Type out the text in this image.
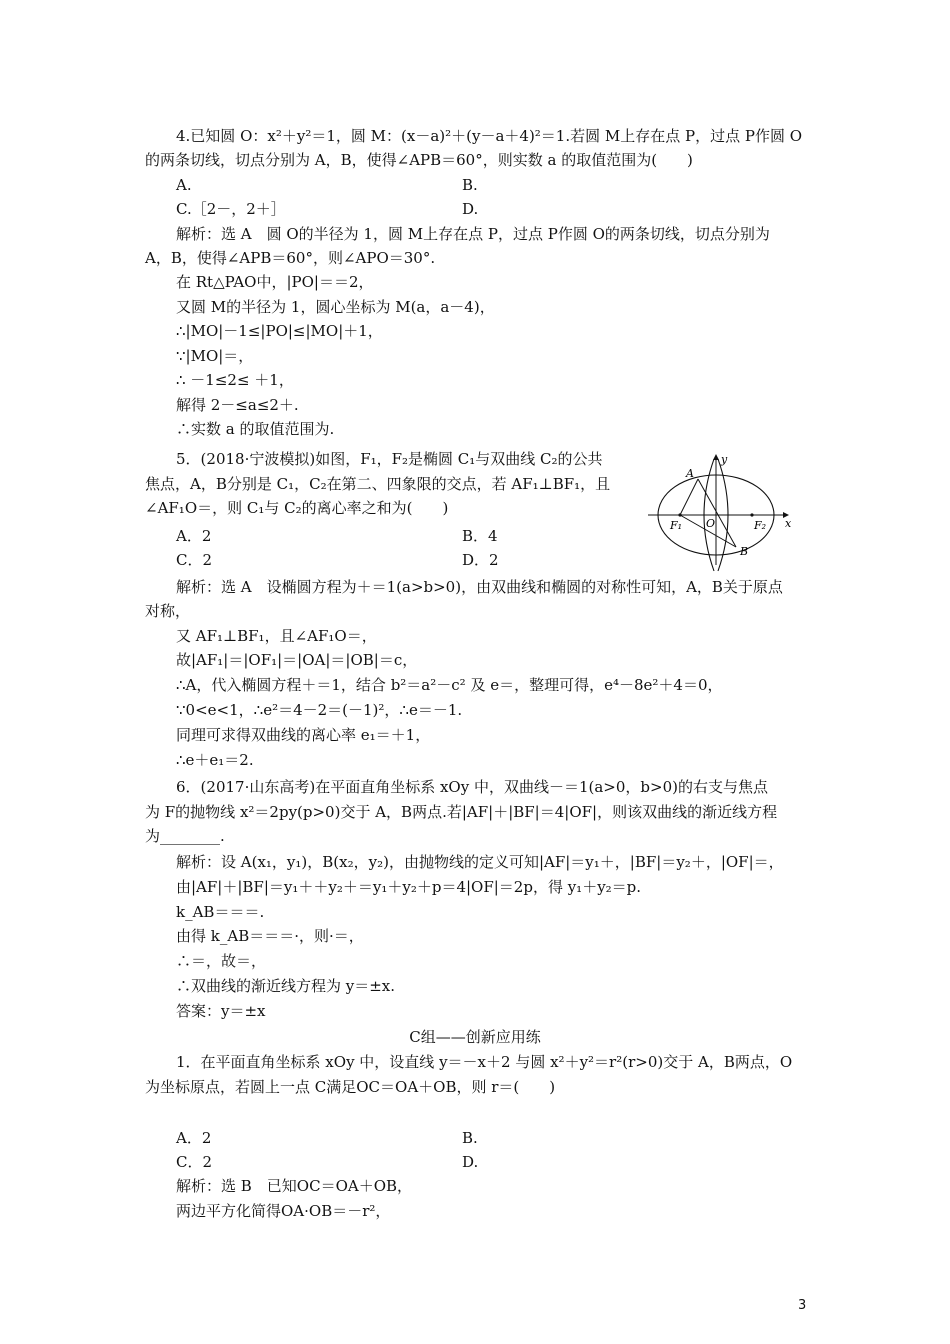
4.已知圆 O：x²＋y²＝1，圆 M：(x－a)²＋(y－a＋4)²＝1.若圆 M上存在点 P，过点 P作圆 O
的两条切线，切点分别为 A，B，使得∠APB＝60°，则实数 a 的取值范围为(　　)
A.	B.
C.［2－，2＋］	D.
解析：选 A　圆 O的半径为 1，圆 M上存在点 P，过点 P作圆 O的两条切线，切点分别为
A，B，使得∠APB＝60°，则∠APO＝30°.
在 Rt△PAO中，|PO|＝＝2，
又圆 M的半径为 1，圆心坐标为 M(a，a－4)，
∴|MO|－1≤|PO|≤|MO|＋1，
∵|MO|＝，
∴ －1≤2≤ ＋1，
解得 2－≤a≤2＋.
∴实数 a 的取值范围为.
5．(2018·宁波模拟)如图，F₁，F₂是椭圆 C₁与双曲线 C₂的公共
焦点，A，B分别是 C₁，C₂在第二、四象限的交点，若 AF₁⊥BF₁，且
∠AF₁O＝，则 C₁与 C₂的离心率之和为(　　)
A．2	B．4
C．2	D．2
y
x
A
B
O
F₁	F₂
解析：选 A　设椭圆方程为＋＝1(a>b>0)，由双曲线和椭圆的对称性可知，A，B关于原点
对称，
又 AF₁⊥BF₁，且∠AF₁O＝，
故|AF₁|＝|OF₁|＝|OA|＝|OB|＝c，
∴A，代入椭圆方程＋＝1，结合 b²＝a²－c² 及 e＝，整理可得，e⁴－8e²＋4＝0，
∵0<e<1，∴e²＝4－2＝(－1)²，∴e＝－1.
同理可求得双曲线的离心率 e₁＝＋1，
∴e＋e₁＝2.
6．(2017·山东高考)在平面直角坐标系 xOy 中，双曲线－＝1(a>0，b>0)的右支与焦点
为 F的抛物线 x²＝2py(p>0)交于 A，B两点.若|AF|＋|BF|＝4|OF|，则该双曲线的渐近线方程
为________.
解析：设 A(x₁，y₁)，B(x₂，y₂)，由抛物线的定义可知|AF|＝y₁＋，|BF|＝y₂＋，|OF|＝，
由|AF|＋|BF|＝y₁＋＋y₂＋＝y₁＋y₂＋p＝4|OF|＝2p，得 y₁＋y₂＝p.
k_AB＝＝＝.
由得 k_AB＝＝＝·，则·＝，
∴＝，故＝，
∴双曲线的渐近线方程为 y＝±x.
答案：y＝±x
C组——创新应用练
1．在平面直角坐标系 xOy 中，设直线 y＝－x＋2 与圆 x²＋y²＝r²(r>0)交于 A，B两点，O
为坐标原点，若圆上一点 C满足OC＝OA＋OB，则 r＝(　　)
A．2	B.
C．2	D.
解析：选 B　已知OC＝OA＋OB，
两边平方化简得OA·OB＝－r²，
3
